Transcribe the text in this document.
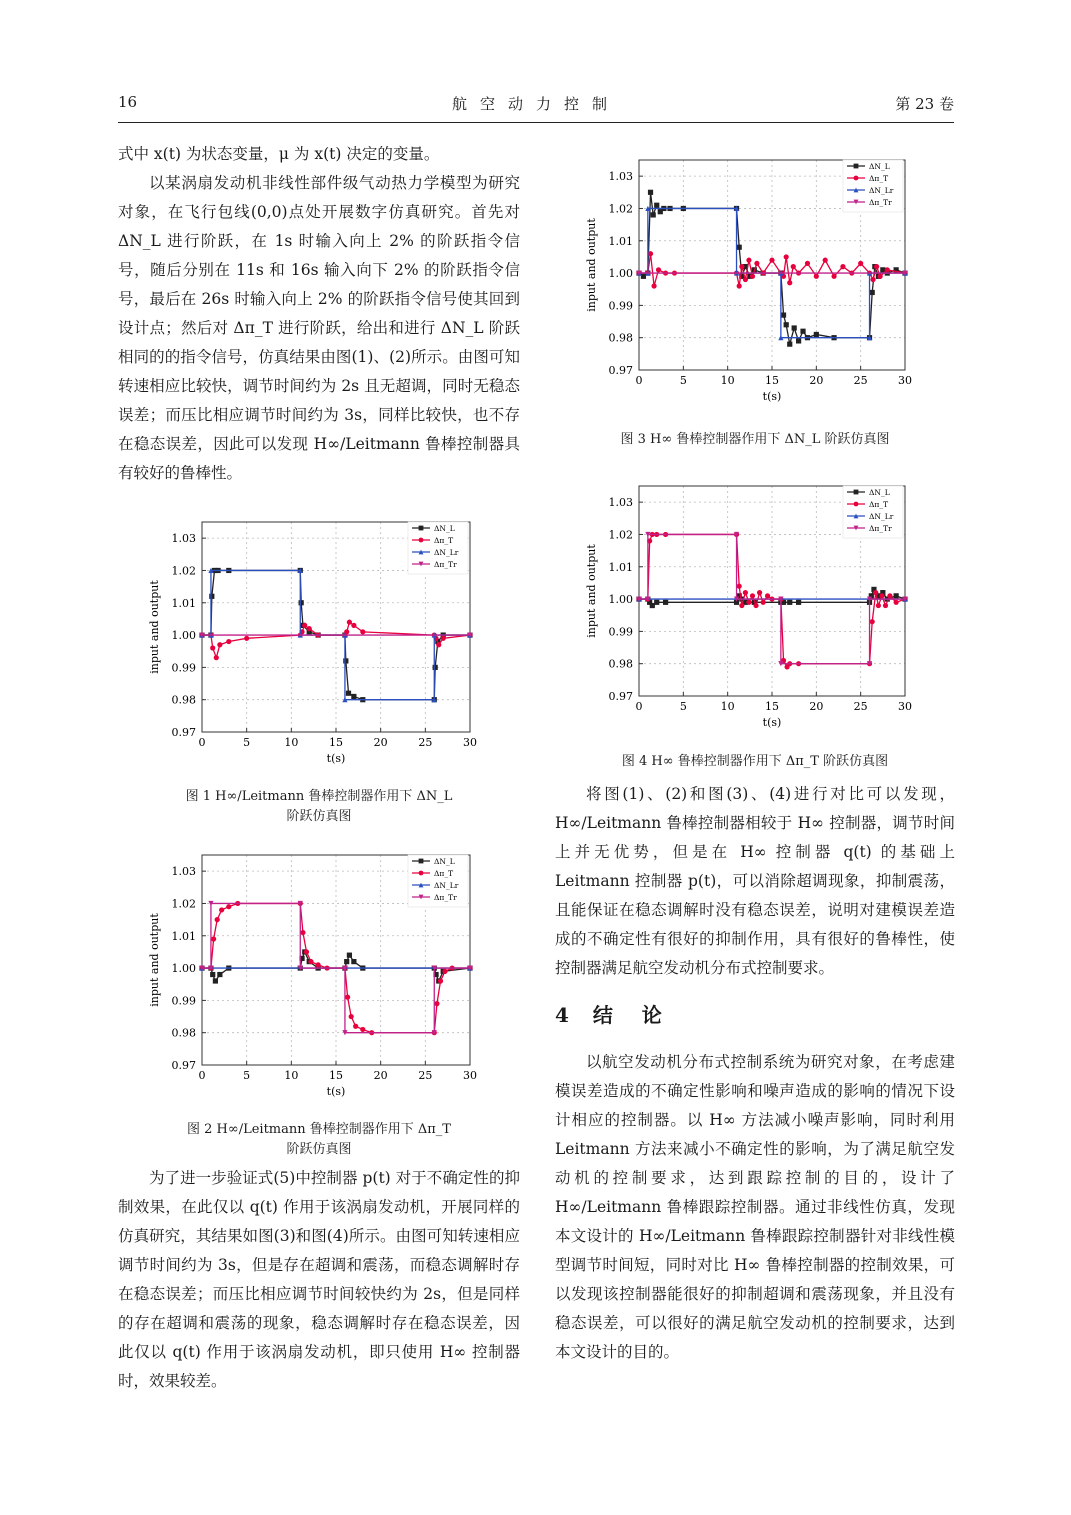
16	航空动力控制	第 23 卷

式中 x(t) 为状态变量，μ 为 x(t) 决定的变量。

以某涡扇发动机非线性部件级气动热力学模型为研究对象，在飞行包线(0,0)点处开展数字仿真研究。首先对 ΔN_L 进行阶跃，在 1s 时输入向上 2% 的阶跃指令信号，随后分别在 11s 和 16s 输入向下 2% 的阶跃指令信号，最后在 26s 时输入向上 2% 的阶跃指令信号使其回到设计点；然后对 Δπ_T 进行阶跃，给出和进行 ΔN_L 阶跃相同的的指令信号，仿真结果由图(1)、(2)所示。由图可知转速相应比较快，调节时间约为 2s 且无超调，同时无稳态误差；而压比相应调节时间约为 3s，同样比较快，也不存在稳态误差，因此可以发现 H∞/Leitmann 鲁棒控制器具有较好的鲁棒性。

0	5	10	15	20	25	30
0.97
0.98
0.99
1.00
1.01
1.02
1.03
t(s)
input and output
ΔN_L
Δπ_T
ΔN_Lr
Δπ_Tr

图 1 H∞/Leitmann 鲁棒控制器作用下 ΔN_L

阶跃仿真图

0	5	10	15	20	25	30
0.97
0.98
0.99
1.00
1.01
1.02
1.03
t(s)
input and output
ΔN_L
Δπ_T
ΔN_Lr
Δπ_Tr

图 2 H∞/Leitmann 鲁棒控制器作用下 Δπ_T

阶跃仿真图

为了进一步验证式(5)中控制器 p(t) 对于不确定性的抑制效果，在此仅以 q(t) 作用于该涡扇发动机，开展同样的仿真研究，其结果如图(3)和图(4)所示。由图可知转速相应调节时间约为 3s，但是存在超调和震荡，而稳态调解时存在稳态误差；而压比相应调节时间较快约为 2s，但是同样的存在超调和震荡的现象，稳态调解时存在稳态误差，因此仅以 q(t) 作用于该涡扇发动机，即只使用 H∞ 控制器时，效果较差。

0	5	10	15	20	25	30
0.97
0.98
0.99
1.00
1.01
1.02
1.03
t(s)
input and output
ΔN_L
Δπ_T
ΔN_Lr
Δπ_Tr

图 3 H∞ 鲁棒控制器作用下 ΔN_L 阶跃仿真图

0	5	10	15	20	25	30
0.97
0.98
0.99
1.00
1.01
1.02
1.03
t(s)
input and output
ΔN_L
Δπ_T
ΔN_Lr
Δπ_Tr

图 4 H∞ 鲁棒控制器作用下 Δπ_T 阶跃仿真图

将图(1)、(2)和图(3)、(4)进行对比可以发现，H∞/Leitmann 鲁棒控制器相较于 H∞ 控制器，调节时间上并无优势，但是在 H∞ 控制器 q(t) 的基础上 Leitmann 控制器 p(t)，可以消除超调现象，抑制震荡，且能保证在稳态调解时没有稳态误差，说明对建模误差造成的不确定性有很好的抑制作用，具有很好的鲁棒性，使控制器满足航空发动机分布式控制要求。

4 结   论

以航空发动机分布式控制系统为研究对象，在考虑建模误差造成的不确定性影响和噪声造成的影响的情况下设计相应的控制器。以 H∞ 方法减小噪声影响，同时利用 Leitmann 方法来减小不确定性的影响，为了满足航空发动机的控制要求，达到跟踪控制的目的，设计了 H∞/Leitmann 鲁棒跟踪控制器。通过非线性仿真，发现本文设计的 H∞/Leitmann 鲁棒跟踪控制器针对非线性模型调节时间短，同时对比 H∞ 鲁棒控制器的控制效果，可以发现该控制器能很好的抑制超调和震荡现象，并且没有稳态误差，可以很好的满足航空发动机的控制要求，达到本文设计的目的。
